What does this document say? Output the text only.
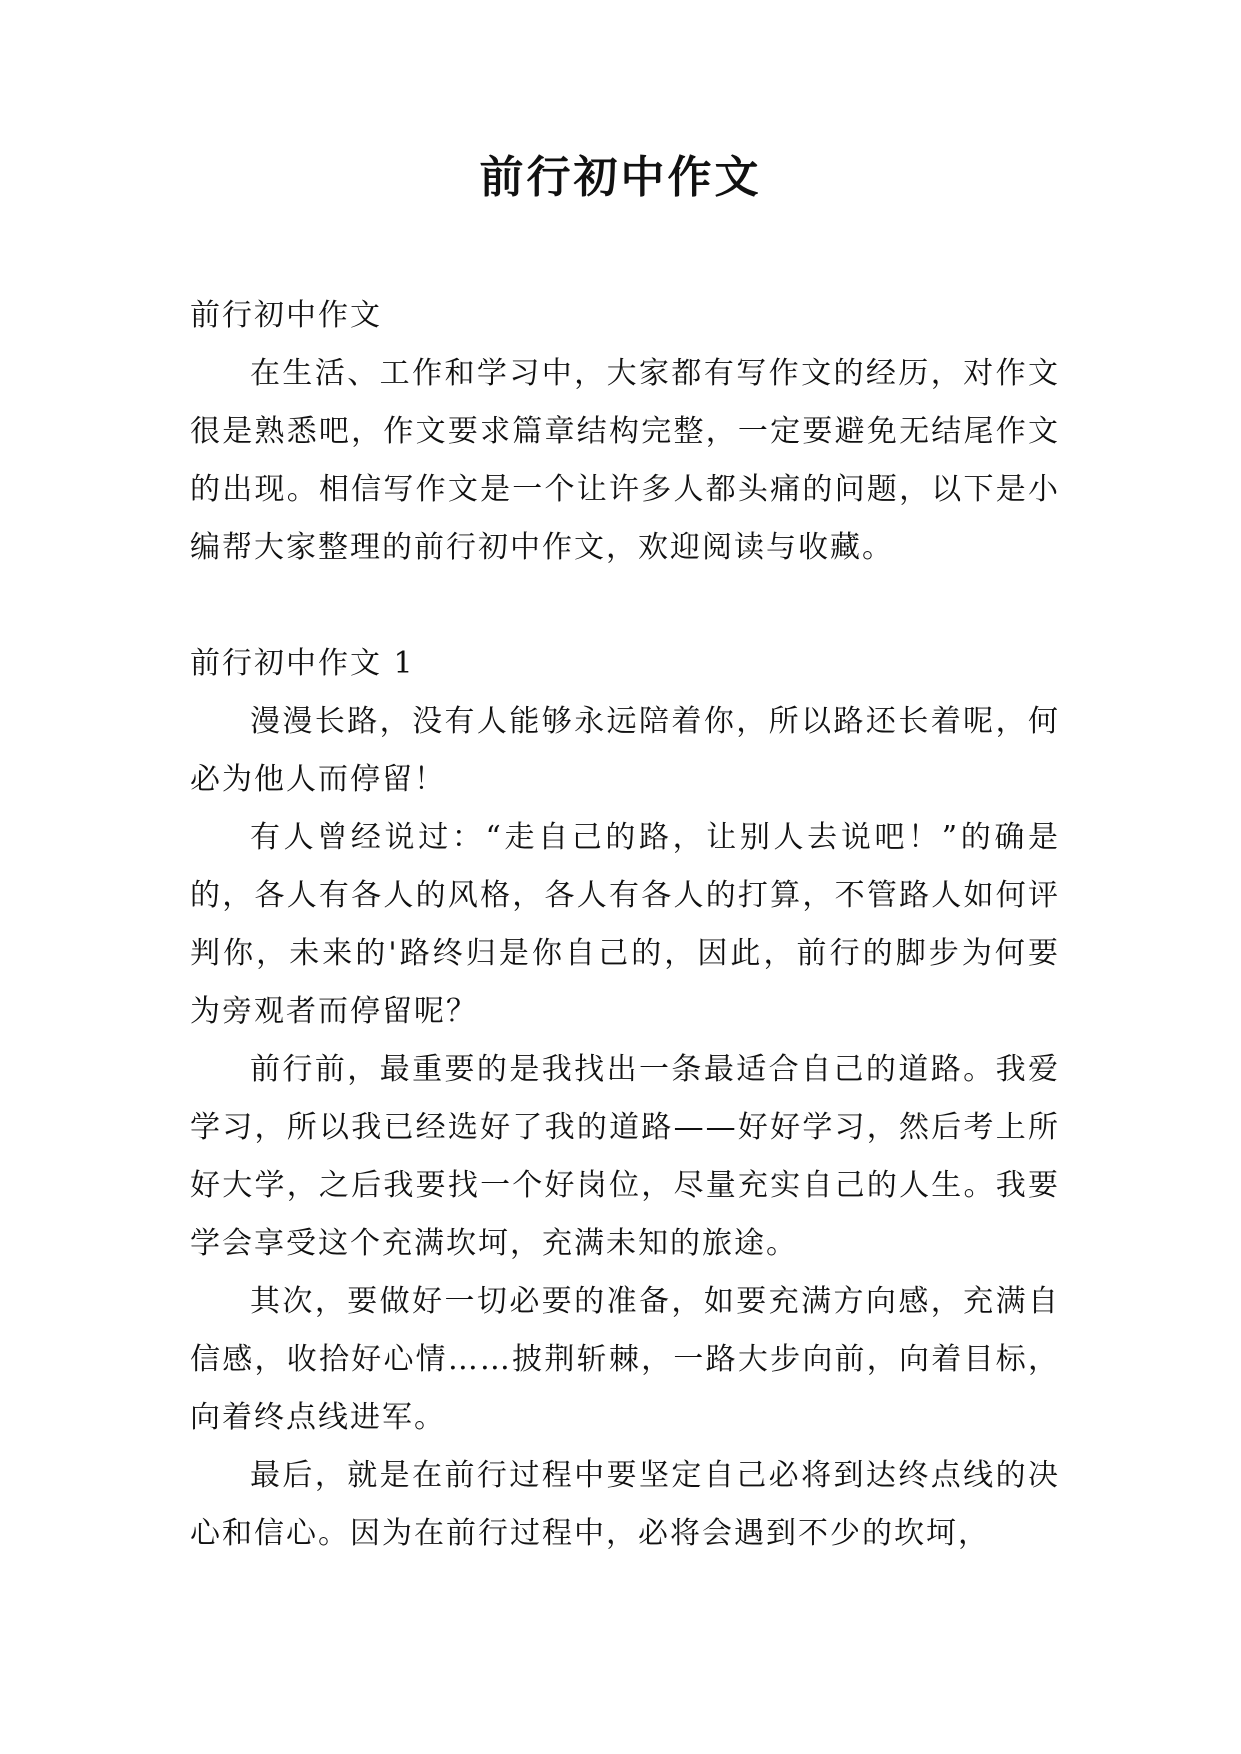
前行初中作文

前行初中作文

在生活、工作和学习中，大家都有写作文的经历，对作文很是熟悉吧，作文要求篇章结构完整，一定要避免无结尾作文的出现。相信写作文是一个让许多人都头痛的问题，以下是小编帮大家整理的前行初中作文，欢迎阅读与收藏。

前行初中作文 1

漫漫长路，没有人能够永远陪着你，所以路还长着呢，何必为他人而停留！

有人曾经说过：“走自己的路，让别人去说吧！”的确是的，各人有各人的风格，各人有各人的打算，不管路人如何评判你，未来的'路终归是你自己的，因此，前行的脚步为何要为旁观者而停留呢？

前行前，最重要的是我找出一条最适合自己的道路。我爱学习，所以我已经选好了我的道路——好好学习，然后考上所好大学，之后我要找一个好岗位，尽量充实自己的人生。我要学会享受这个充满坎坷，充满未知的旅途。

其次，要做好一切必要的准备，如要充满方向感，充满自信感，收拾好心情……披荆斩棘，一路大步向前，向着目标，向着终点线进军。

最后，就是在前行过程中要坚定自己必将到达终点线的决心和信心。因为在前行过程中，必将会遇到不少的坎坷，
